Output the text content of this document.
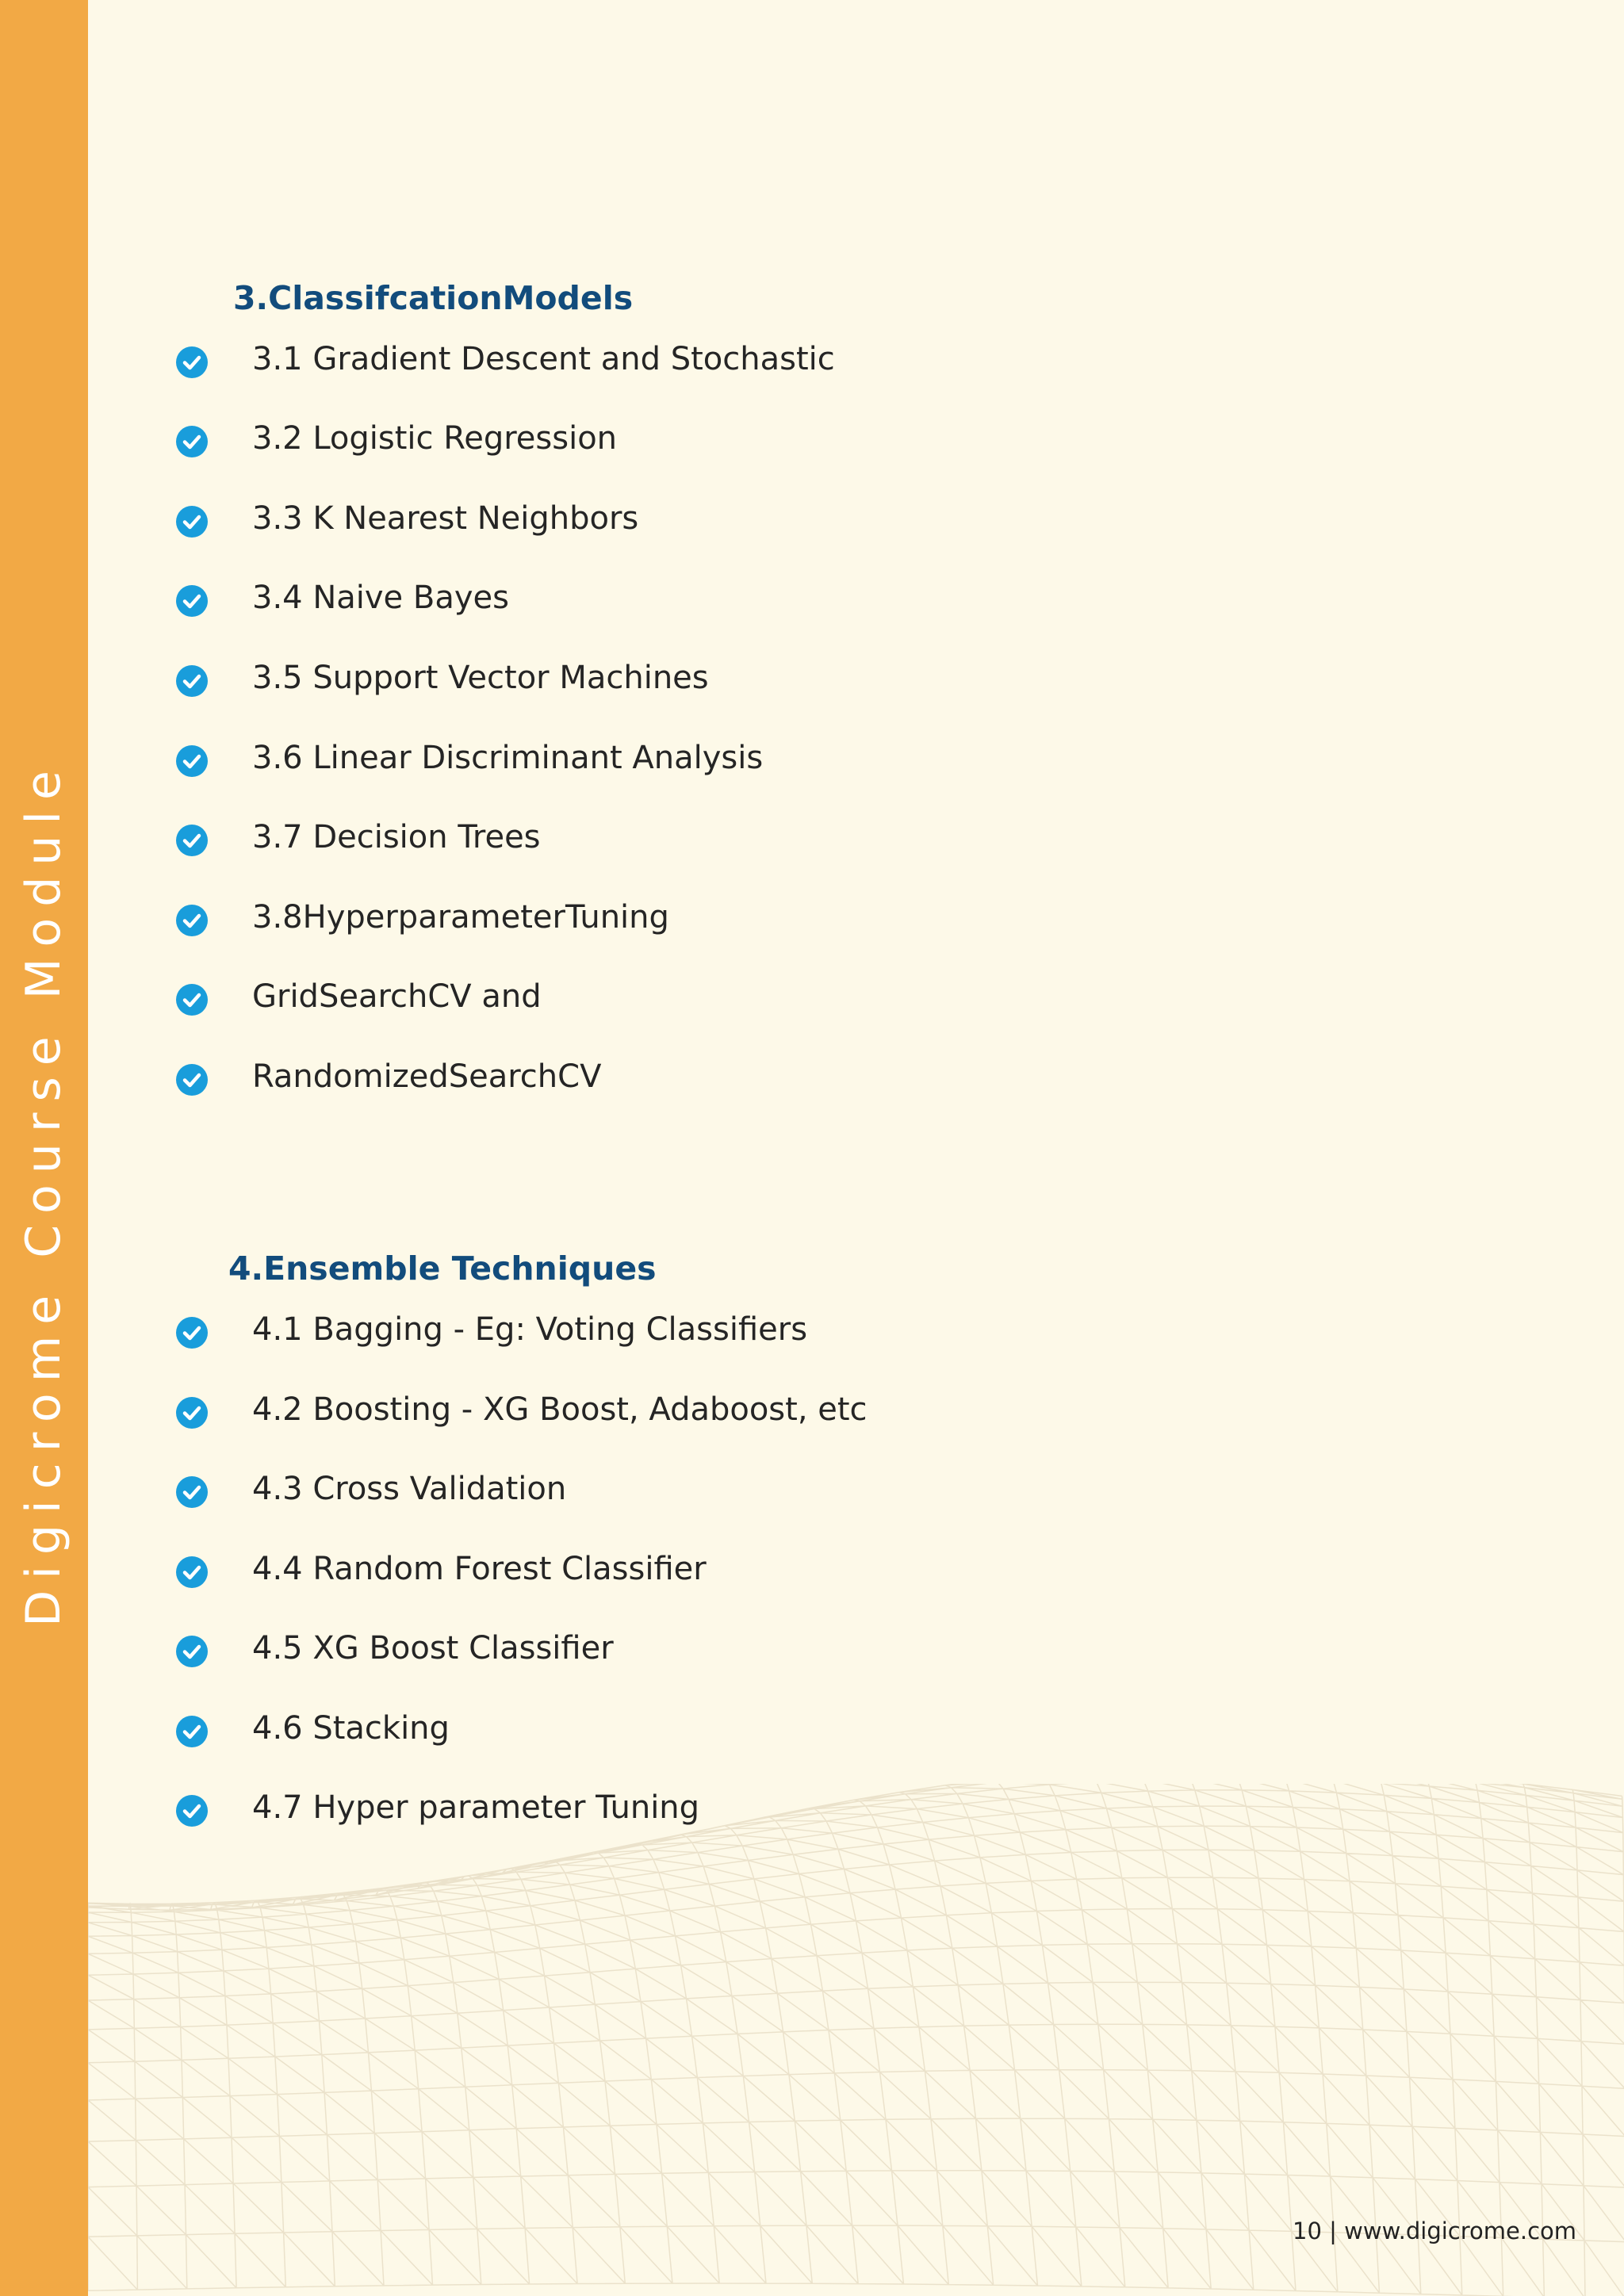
Digicrome Course Module
3.ClassifcationModels
3.1 Gradient Descent and Stochastic
3.2 Logistic Regression
3.3 K Nearest Neighbors
3.4 Naive Bayes
3.5 Support Vector Machines
3.6 Linear Discriminant Analysis
3.7 Decision Trees
3.8HyperparameterTuning
GridSearchCV and
RandomizedSearchCV
4.Ensemble Techniques
4.1 Bagging - Eg: Voting Classifiers
4.2 Boosting - XG Boost, Adaboost, etc
4.3 Cross Validation
4.4 Random Forest Classifier
4.5 XG Boost Classifier
4.6 Stacking
4.7 Hyper parameter Tuning
10 | www.digicrome.com
